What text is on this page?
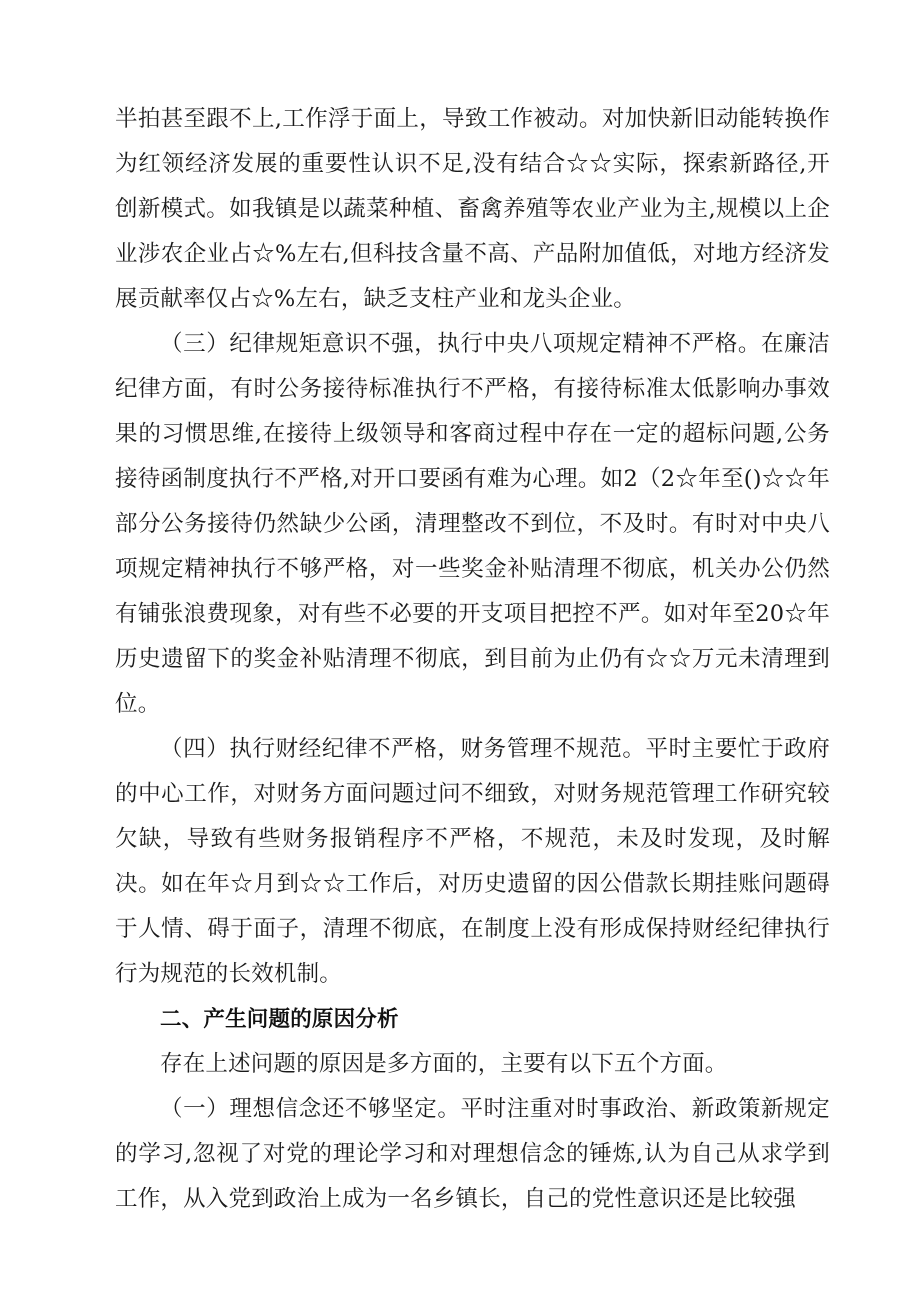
半拍甚至跟不上,工作浮于面上，导致工作被动。对加快新旧动能转换作为红领经济发展的重要性认识不足,没有结合☆☆实际，探索新路径,开创新模式。如我镇是以蔬菜种植、畜禽养殖等农业产业为主,规模以上企业涉农企业占☆%左右,但科技含量不高、产品附加值低，对地方经济发展贡献率仅占☆%左右，缺乏支柱产业和龙头企业。

（三）纪律规矩意识不强，执行中央八项规定精神不严格。在廉洁纪律方面，有时公务接待标准执行不严格，有接待标准太低影响办事效果的习惯思维,在接待上级领导和客商过程中存在一定的超标问题,公务接待函制度执行不严格,对开口要函有难为心理。如2（2☆年至()☆☆年部分公务接待仍然缺少公函，清理整改不到位，不及时。有时对中央八项规定精神执行不够严格，对一些奖金补贴清理不彻底，机关办公仍然有铺张浪费现象，对有些不必要的开支项目把控不严。如对年至20☆年历史遗留下的奖金补贴清理不彻底，到目前为止仍有☆☆万元未清理到位。

（四）执行财经纪律不严格，财务管理不规范。平时主要忙于政府的中心工作，对财务方面问题过问不细致，对财务规范管理工作研究较欠缺，导致有些财务报销程序不严格，不规范，未及时发现，及时解决。如在年☆月到☆☆工作后，对历史遗留的因公借款长期挂账问题碍于人情、碍于面子，清理不彻底，在制度上没有形成保持财经纪律执行行为规范的长效机制。

二、产生问题的原因分析

存在上述问题的原因是多方面的，主要有以下五个方面。

（一）理想信念还不够坚定。平时注重对时事政治、新政策新规定的学习,忽视了对党的理论学习和对理想信念的锤炼,认为自己从求学到工作，从入党到政治上成为一名乡镇长，自己的党性意识还是比较强
